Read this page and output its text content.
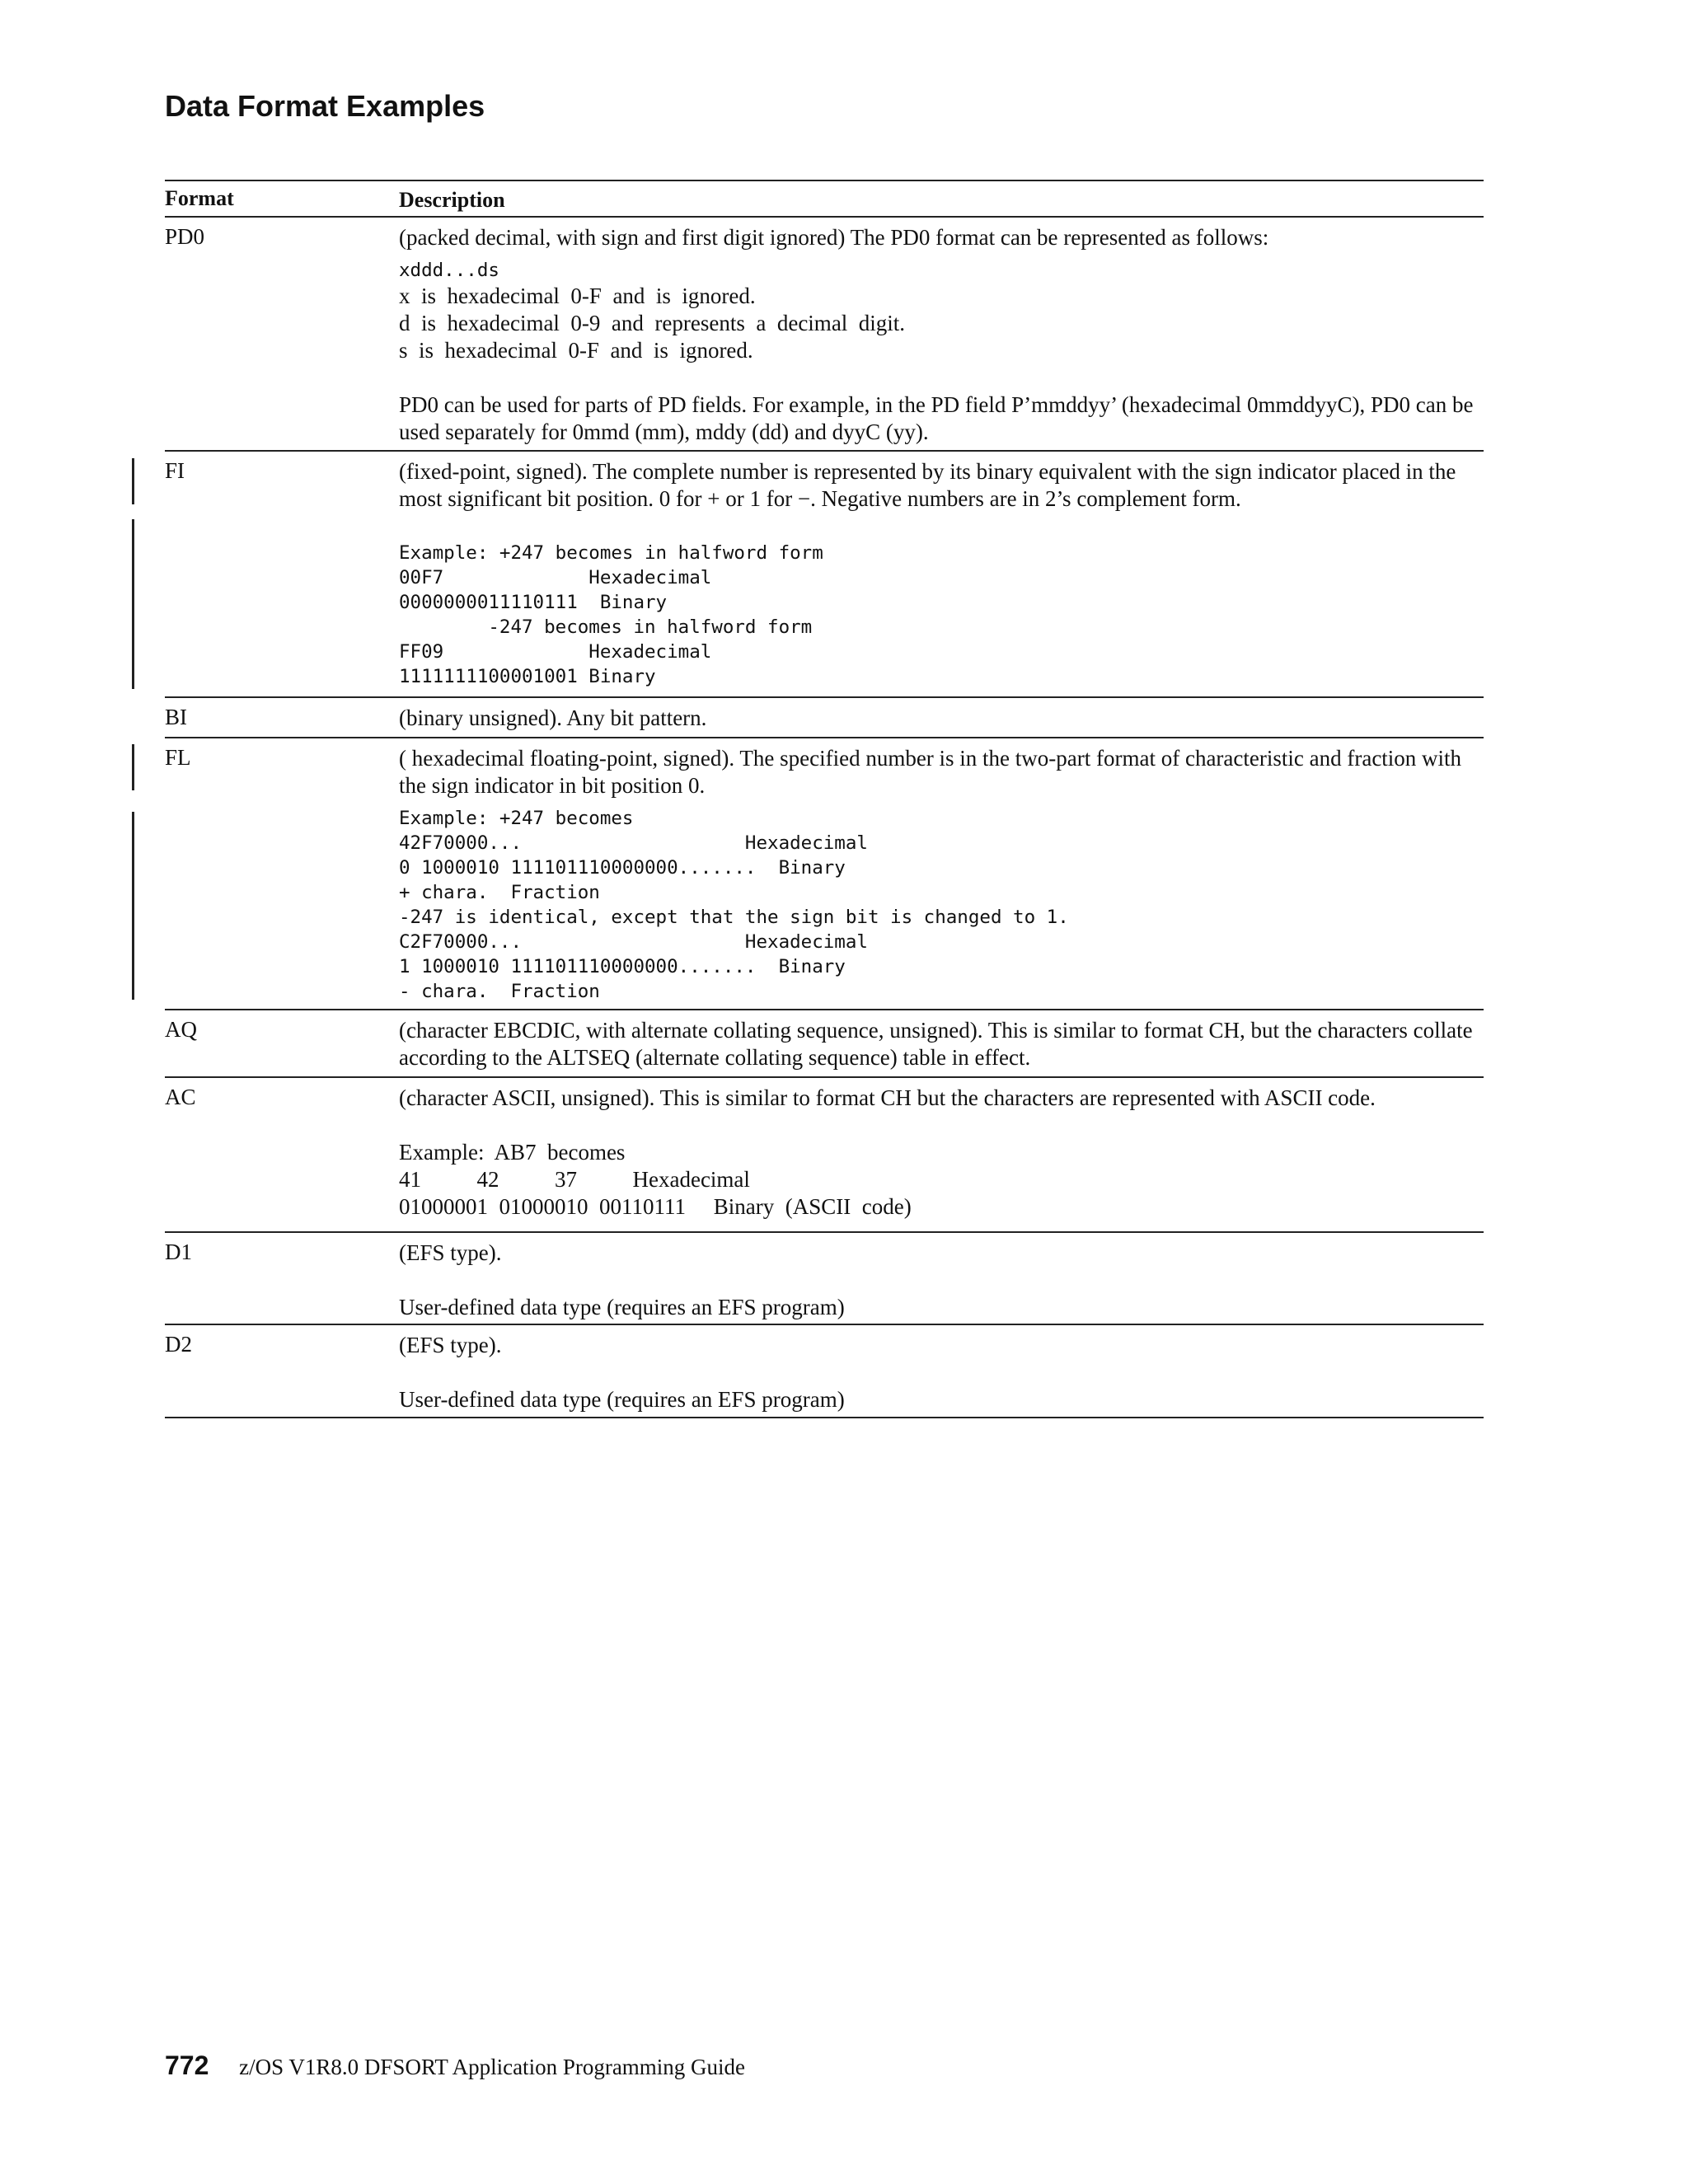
Data Format Examples
Format	Description
PD0	(packed decimal, with sign and first digit ignored) The PD0 format can be represented as follows:

xddd...ds
x  is  hexadecimal  0-F  and  is  ignored.
d  is  hexadecimal  0-9  and  represents  a  decimal  digit.
s  is  hexadecimal  0-F  and  is  ignored.

PD0 can be used for parts of PD fields. For example, in the PD field P’mmddyy’ (hexadecimal 0mmddyyC), PD0 can be used separately for 0mmd (mm), mddy (dd) and dyyC (yy).

FI	(fixed-point, signed). The complete number is represented by its binary equivalent with the sign indicator placed in the most significant bit position. 0 for + or 1 for −. Negative numbers are in 2’s complement form.

Example: +247 becomes in halfword form
00F7             Hexadecimal
0000000011110111  Binary
-247 becomes in halfword form
FF09             Hexadecimal
1111111100001001 Binary
BI	(binary unsigned). Any bit pattern.

FL	( hexadecimal floating-point, signed). The specified number is in the two-part format of characteristic and fraction with the sign indicator in bit position 0.

Example: +247 becomes
42F70000...                    Hexadecimal
0 1000010 111101110000000.......  Binary
+ chara.  Fraction
-247 is identical, except that the sign bit is changed to 1.
C2F70000...                    Hexadecimal
1 1000010 111101110000000.......  Binary
- chara.  Fraction
AQ	(character EBCDIC, with alternate collating sequence, unsigned). This is similar to format CH, but the characters collate according to the ALTSEQ (alternate collating sequence) table in effect.

AC	(character ASCII, unsigned). This is similar to format CH but the characters are represented with ASCII code.

Example:  AB7  becomes
41          42          37          Hexadecimal
01000001  01000010  00110111     Binary  (ASCII  code)
D1	(EFS type).

User-defined data type (requires an EFS program)

D2	(EFS type).

User-defined data type (requires an EFS program)

772 z/OS V1R8.0 DFSORT Application Programming Guide
